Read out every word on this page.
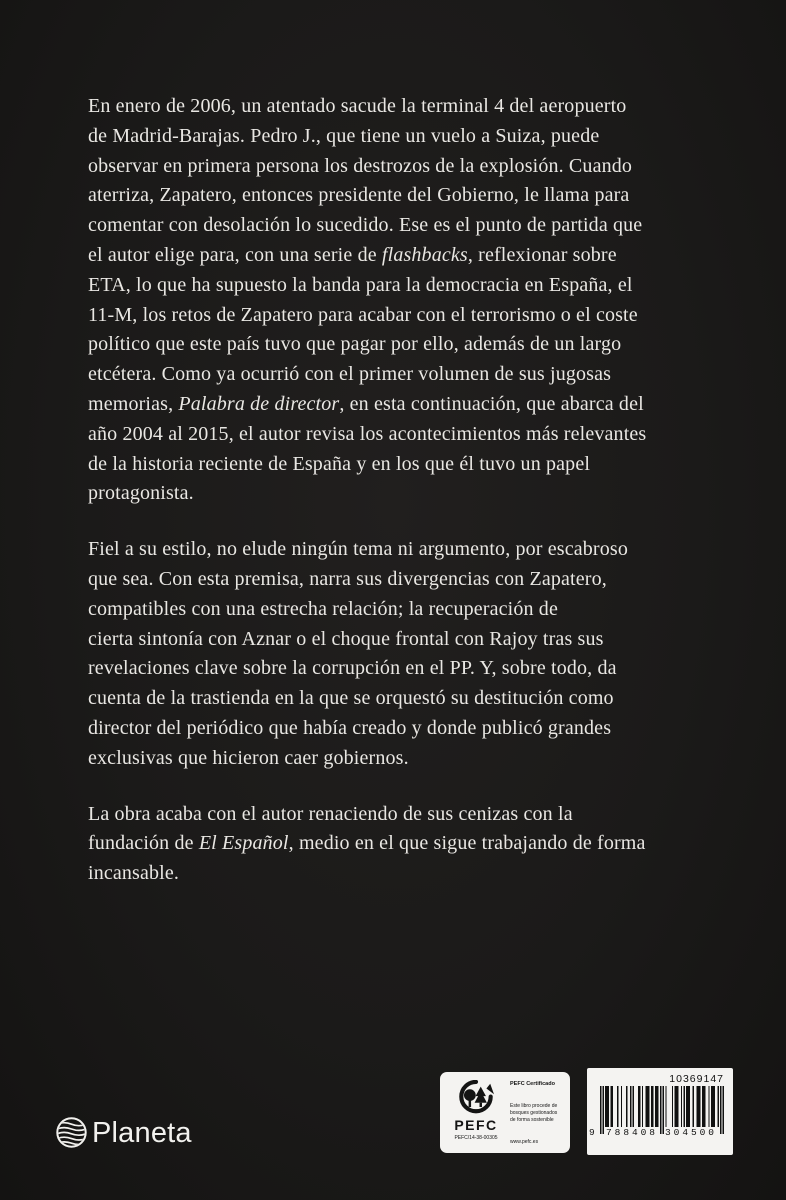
En enero de 2006, un atentado sacude la terminal 4 del aeropuerto
de Madrid-Barajas. Pedro J., que tiene un vuelo a Suiza, puede
observar en primera persona los destrozos de la explosión. Cuando
aterriza, Zapatero, entonces presidente del Gobierno, le llama para
comentar con desolación lo sucedido. Ese es el punto de partida que
el autor elige para, con una serie de flashbacks, reflexionar sobre
ETA, lo que ha supuesto la banda para la democracia en España, el
11-M, los retos de Zapatero para acabar con el terrorismo o el coste
político que este país tuvo que pagar por ello, además de un largo
etcétera. Como ya ocurrió con el primer volumen de sus jugosas
memorias, Palabra de director, en esta continuación, que abarca del
año 2004 al 2015, el autor revisa los acontecimientos más relevantes
de la historia reciente de España y en los que él tuvo un papel
protagonista.

Fiel a su estilo, no elude ningún tema ni argumento, por escabroso
que sea. Con esta premisa, narra sus divergencias con Zapatero,
compatibles con una estrecha relación; la recuperación de
cierta sintonía con Aznar o el choque frontal con Rajoy tras sus
revelaciones clave sobre la corrupción en el PP. Y, sobre todo, da
cuenta de la trastienda en la que se orquestó su destitución como
director del periódico que había creado y donde publicó grandes
exclusivas que hicieron caer gobiernos.

La obra acaba con el autor renaciendo de sus cenizas con la
fundación de El Español, medio en el que sigue trabajando de forma
incansable.

Planeta	PEFC
PEFC/14-38-00305
PEFC Certificado
Este libro procede de
bosques gestionados
de forma sostenible
www.pefc.es
10369147
9 7 8 8 4 0 8 3 0 4 5 0 0
